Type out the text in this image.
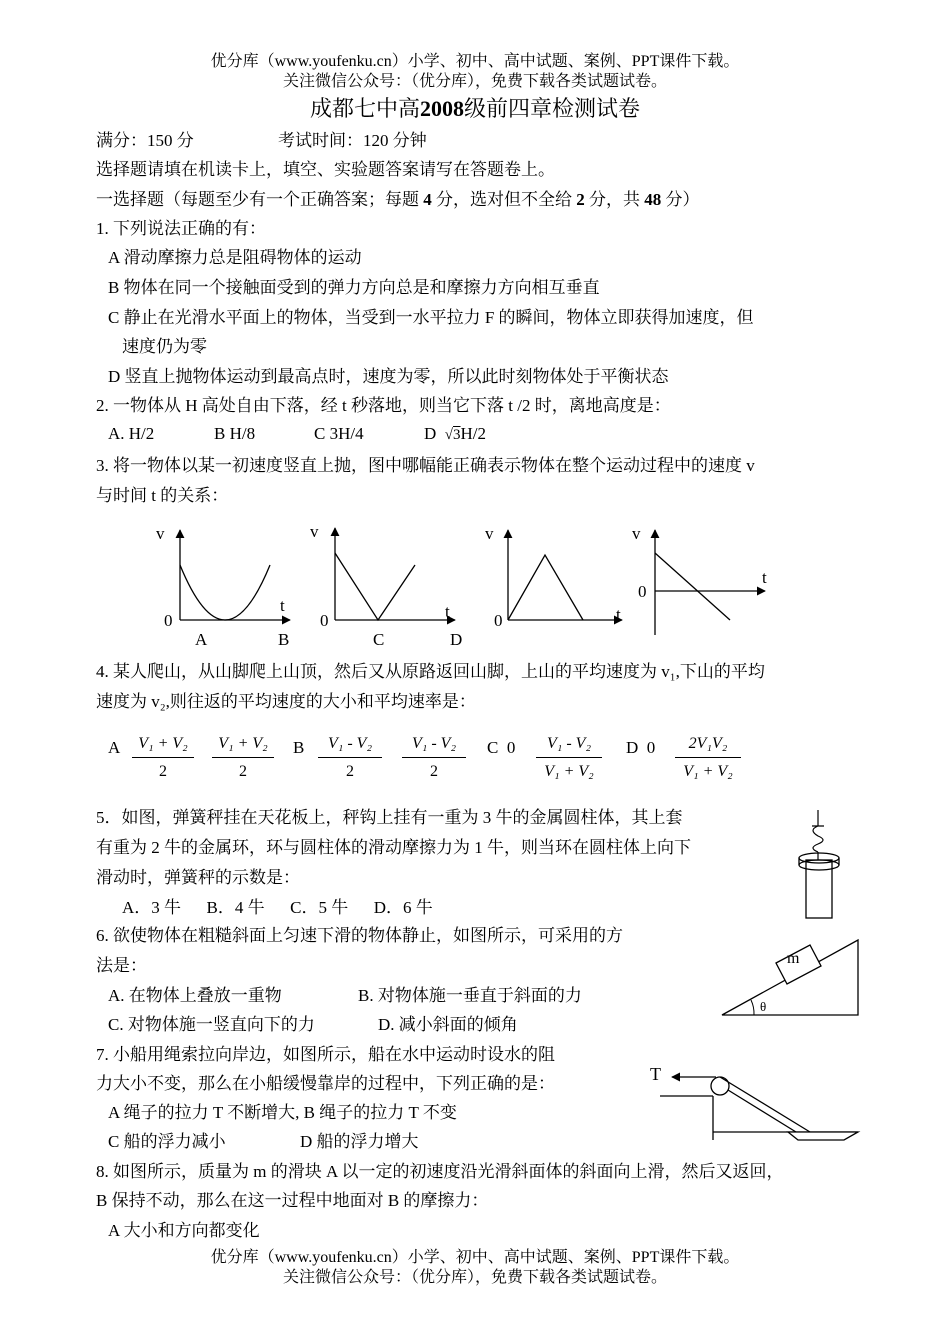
优分库（www.youfenku.cn）小学、初中、高中试题、案例、PPT课件下载。
关注微信公众号：（优分库），免费下载各类试题试卷。
成都七中高2008级前四章检测试卷
满分：150 分	考试时间：120 分钟
选择题请填在机读卡上，填空、实验题答案请写在答题卷上。
一选择题（每题至少有一个正确答案；每题 4 分，选对但不全给 2 分，共 48 分）
1. 下列说法正确的有：
A 滑动摩擦力总是阻碍物体的运动
B 物体在同一个接触面受到的弹力方向总是和摩擦力方向相互垂直
C 静止在光滑水平面上的物体，当受到一水平拉力 F 的瞬间，物体立即获得加速度，但
速度仍为零
D 竖直上抛物体运动到最高点时，速度为零，所以此时刻物体处于平衡状态
2. 一物体从 H 高处自由下落，经 t 秒落地，则当它下落 t /2 时，离地高度是：
A. H/2	B H/8	C 3H/4	D √3H/2
3. 将一物体以某一初速度竖直上抛，图中哪幅能正确表示物体在整个运动过程中的速度 v
与时间 t 的关系：
v
t
0
A
v
t
0
B	C
v
t
0
D
v
t
0
4. 某人爬山，从山脚爬上山顶，然后又从原路返回山脚，上山的平均速度为 v₁,下山的平均
速度为 v₂,则往返的平均速度的大小和平均速率是：
A	V₁ + V₂
2
V₁ + V₂
2
B	V₁ - V₂
2
V₁ - V₂
2
C 0	V₁ - V₂
V₁ + V₂
D 0	2V₁V₂
V₁ + V₂
5．如图，弹簧秤挂在天花板上，秤钩上挂有一重为 3 牛的金属圆柱体，其上套
有重为 2 牛的金属环，环与圆柱体的滑动摩擦力为 1 牛，则当环在圆柱体上向下
滑动时，弹簧秤的示数是：
A．3 牛      B．4 牛      C．5 牛      D．6 牛
6. 欲使物体在粗糙斜面上匀速下滑的物体静止，如图所示，可采用的方
法是：
A. 在物体上叠放一重物	B. 对物体施一垂直于斜面的力
C. 对物体施一竖直向下的力	D. 减小斜面的倾角
m
θ
7. 小船用绳索拉向岸边，如图所示，船在水中运动时设水的阻
力大小不变，那么在小船缓慢靠岸的过程中，下列正确的是：
A 绳子的拉力 T 不断增大, B 绳子的拉力 T 不变
C 船的浮力减小	D 船的浮力增大
T
8. 如图所示，质量为 m 的滑块 A 以一定的初速度沿光滑斜面体的斜面向上滑，然后又返回，
B 保持不动，那么在这一过程中地面对 B 的摩擦力：
A 大小和方向都变化
优分库（www.youfenku.cn）小学、初中、高中试题、案例、PPT课件下载。
关注微信公众号：（优分库），免费下载各类试题试卷。
